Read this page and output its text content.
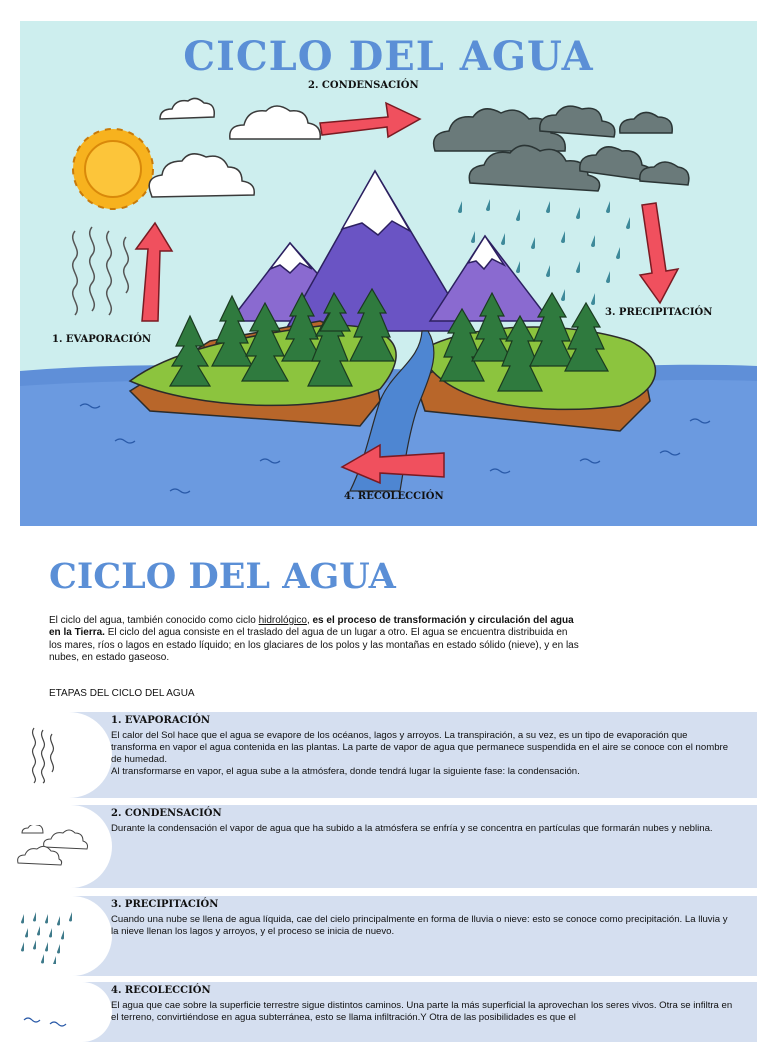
CICLO DEL AGUA
2. CONDENSACIÓN
1. EVAPORACIÓN
3. PRECIPITACIÓN
4. RECOLECCIÓN
CICLO DEL AGUA

El ciclo del agua, también conocido como ciclo hidrológico, es el proceso de transformación y circulación del agua en la Tierra. El ciclo del agua consiste en el traslado del agua de un lugar a otro. El agua se encuentra distribuida en los mares, ríos o lagos en estado líquido; en los glaciares de los polos y las montañas en estado sólido (nieve), y en las nubes, en estado gaseoso.

ETAPAS DEL CICLO DEL AGUA

1. EVAPORACIÓN

El calor del Sol hace que el agua se evapore de los océanos, lagos y arroyos. La transpiración, a su vez, es un tipo de evaporación que transforma en vapor el agua contenida en las plantas. La parte de vapor de agua que permanece suspendida en el aire se conoce con el nombre de humedad.
Al transformarse en vapor, el agua sube a la atmósfera, donde tendrá lugar la siguiente fase: la condensación.

2. CONDENSACIÓN

Durante la condensación el vapor de agua que ha subido a la atmósfera se enfría y se concentra en partículas que formarán nubes y neblina.

3. PRECIPITACIÓN

Cuando una nube se llena de agua líquida, cae del cielo principalmente en forma de lluvia o nieve: esto se conoce como precipitación. La lluvia y la nieve llenan los lagos y arroyos, y el proceso se inicia de nuevo.

4. RECOLECCIÓN

El agua que cae sobre la superficie terrestre sigue distintos caminos. Una parte la más superficial la aprovechan los seres vivos. Otra se infiltra en el terreno, convirtiéndose en agua subterránea, esto se llama infiltración.Y Otra de las posibilidades es que el
